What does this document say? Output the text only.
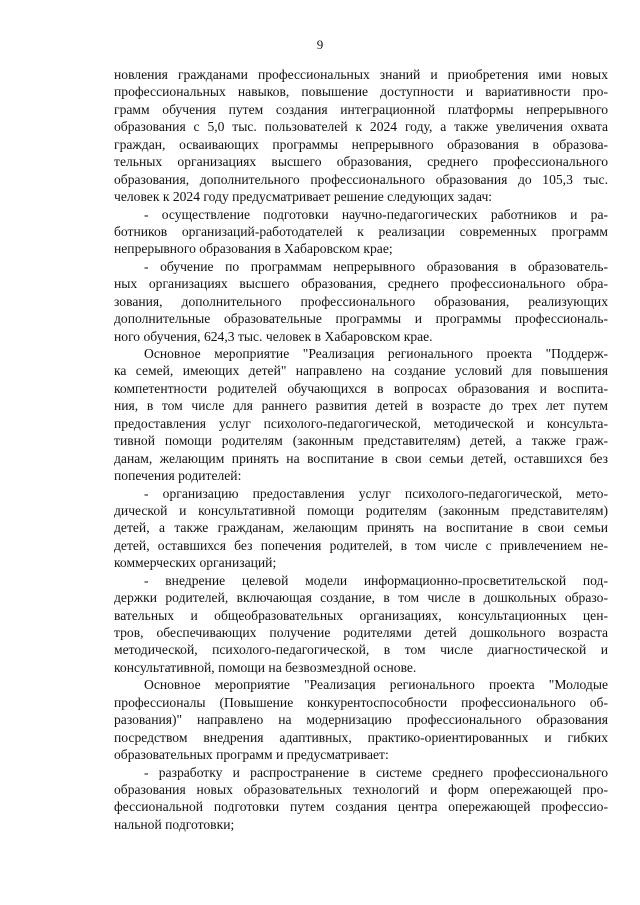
9
новления гражданами профессиональных знаний и приобретения ими новых
профессиональных навыков, повышение доступности и вариативности про-
грамм обучения путем создания интеграционной платформы непрерывного
образования с 5,0 тыс. пользователей к 2024 году, а также увеличения охвата
граждан, осваивающих программы непрерывного образования в образова-
тельных организациях высшего образования, среднего профессионального
образования, дополнительного профессионального образования до 105,3 тыс.
человек к 2024 году предусматривает решение следующих задач:
- осуществление подготовки научно-педагогических работников и ра-
ботников организаций-работодателей к реализации современных программ
непрерывного образования в Хабаровском крае;
- обучение по программам непрерывного образования в образователь-
ных организациях высшего образования, среднего профессионального обра-
зования, дополнительного профессионального образования, реализующих
дополнительные образовательные программы и программы профессиональ-
ного обучения, 624,3 тыс. человек в Хабаровском крае.
Основное мероприятие "Реализация регионального проекта "Поддерж-
ка семей, имеющих детей" направлено на создание условий для повышения
компетентности родителей обучающихся в вопросах образования и воспита-
ния, в том числе для раннего развития детей в возрасте до трех лет путем
предоставления услуг психолого-педагогической, методической и консульта-
тивной помощи родителям (законным представителям) детей, а также граж-
данам, желающим принять на воспитание в свои семьи детей, оставшихся без
попечения родителей:
- организацию предоставления услуг психолого-педагогической, мето-
дической и консультативной помощи родителям (законным представителям)
детей, а также гражданам, желающим принять на воспитание в свои семьи
детей, оставшихся без попечения родителей, в том числе с привлечением не-
коммерческих организаций;
- внедрение целевой модели информационно-просветительской под-
держки родителей, включающая создание, в том числе в дошкольных образо-
вательных и общеобразовательных организациях, консультационных цен-
тров, обеспечивающих получение родителями детей дошкольного возраста
методической, психолого-педагогической, в том числе диагностической и
консультативной, помощи на безвозмездной основе.
Основное мероприятие "Реализация регионального проекта "Молодые
профессионалы (Повышение конкурентоспособности профессионального об-
разования)" направлено на модернизацию профессионального образования
посредством внедрения адаптивных, практико-ориентированных и гибких
образовательных программ и предусматривает:
- разработку и распространение в системе среднего профессионального
образования новых образовательных технологий и форм опережающей про-
фессиональной подготовки путем создания центра опережающей профессио-
нальной подготовки;
